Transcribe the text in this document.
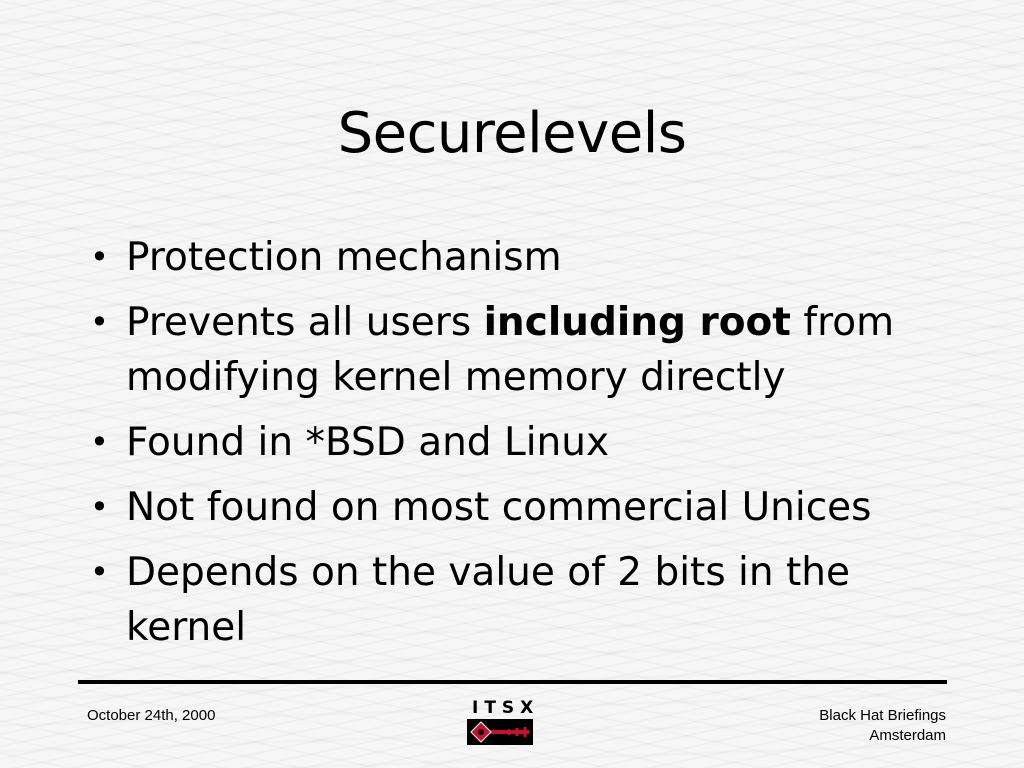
Securelevels
• Protection mechanism
• Prevents all users including root from modifying kernel memory directly
• Found in *BSD and Linux
• Not found on most commercial Unices
• Depends on the value of 2 bits in the kernel
October 24th, 2000	ITSX	Black Hat Briefings
Amsterdam
